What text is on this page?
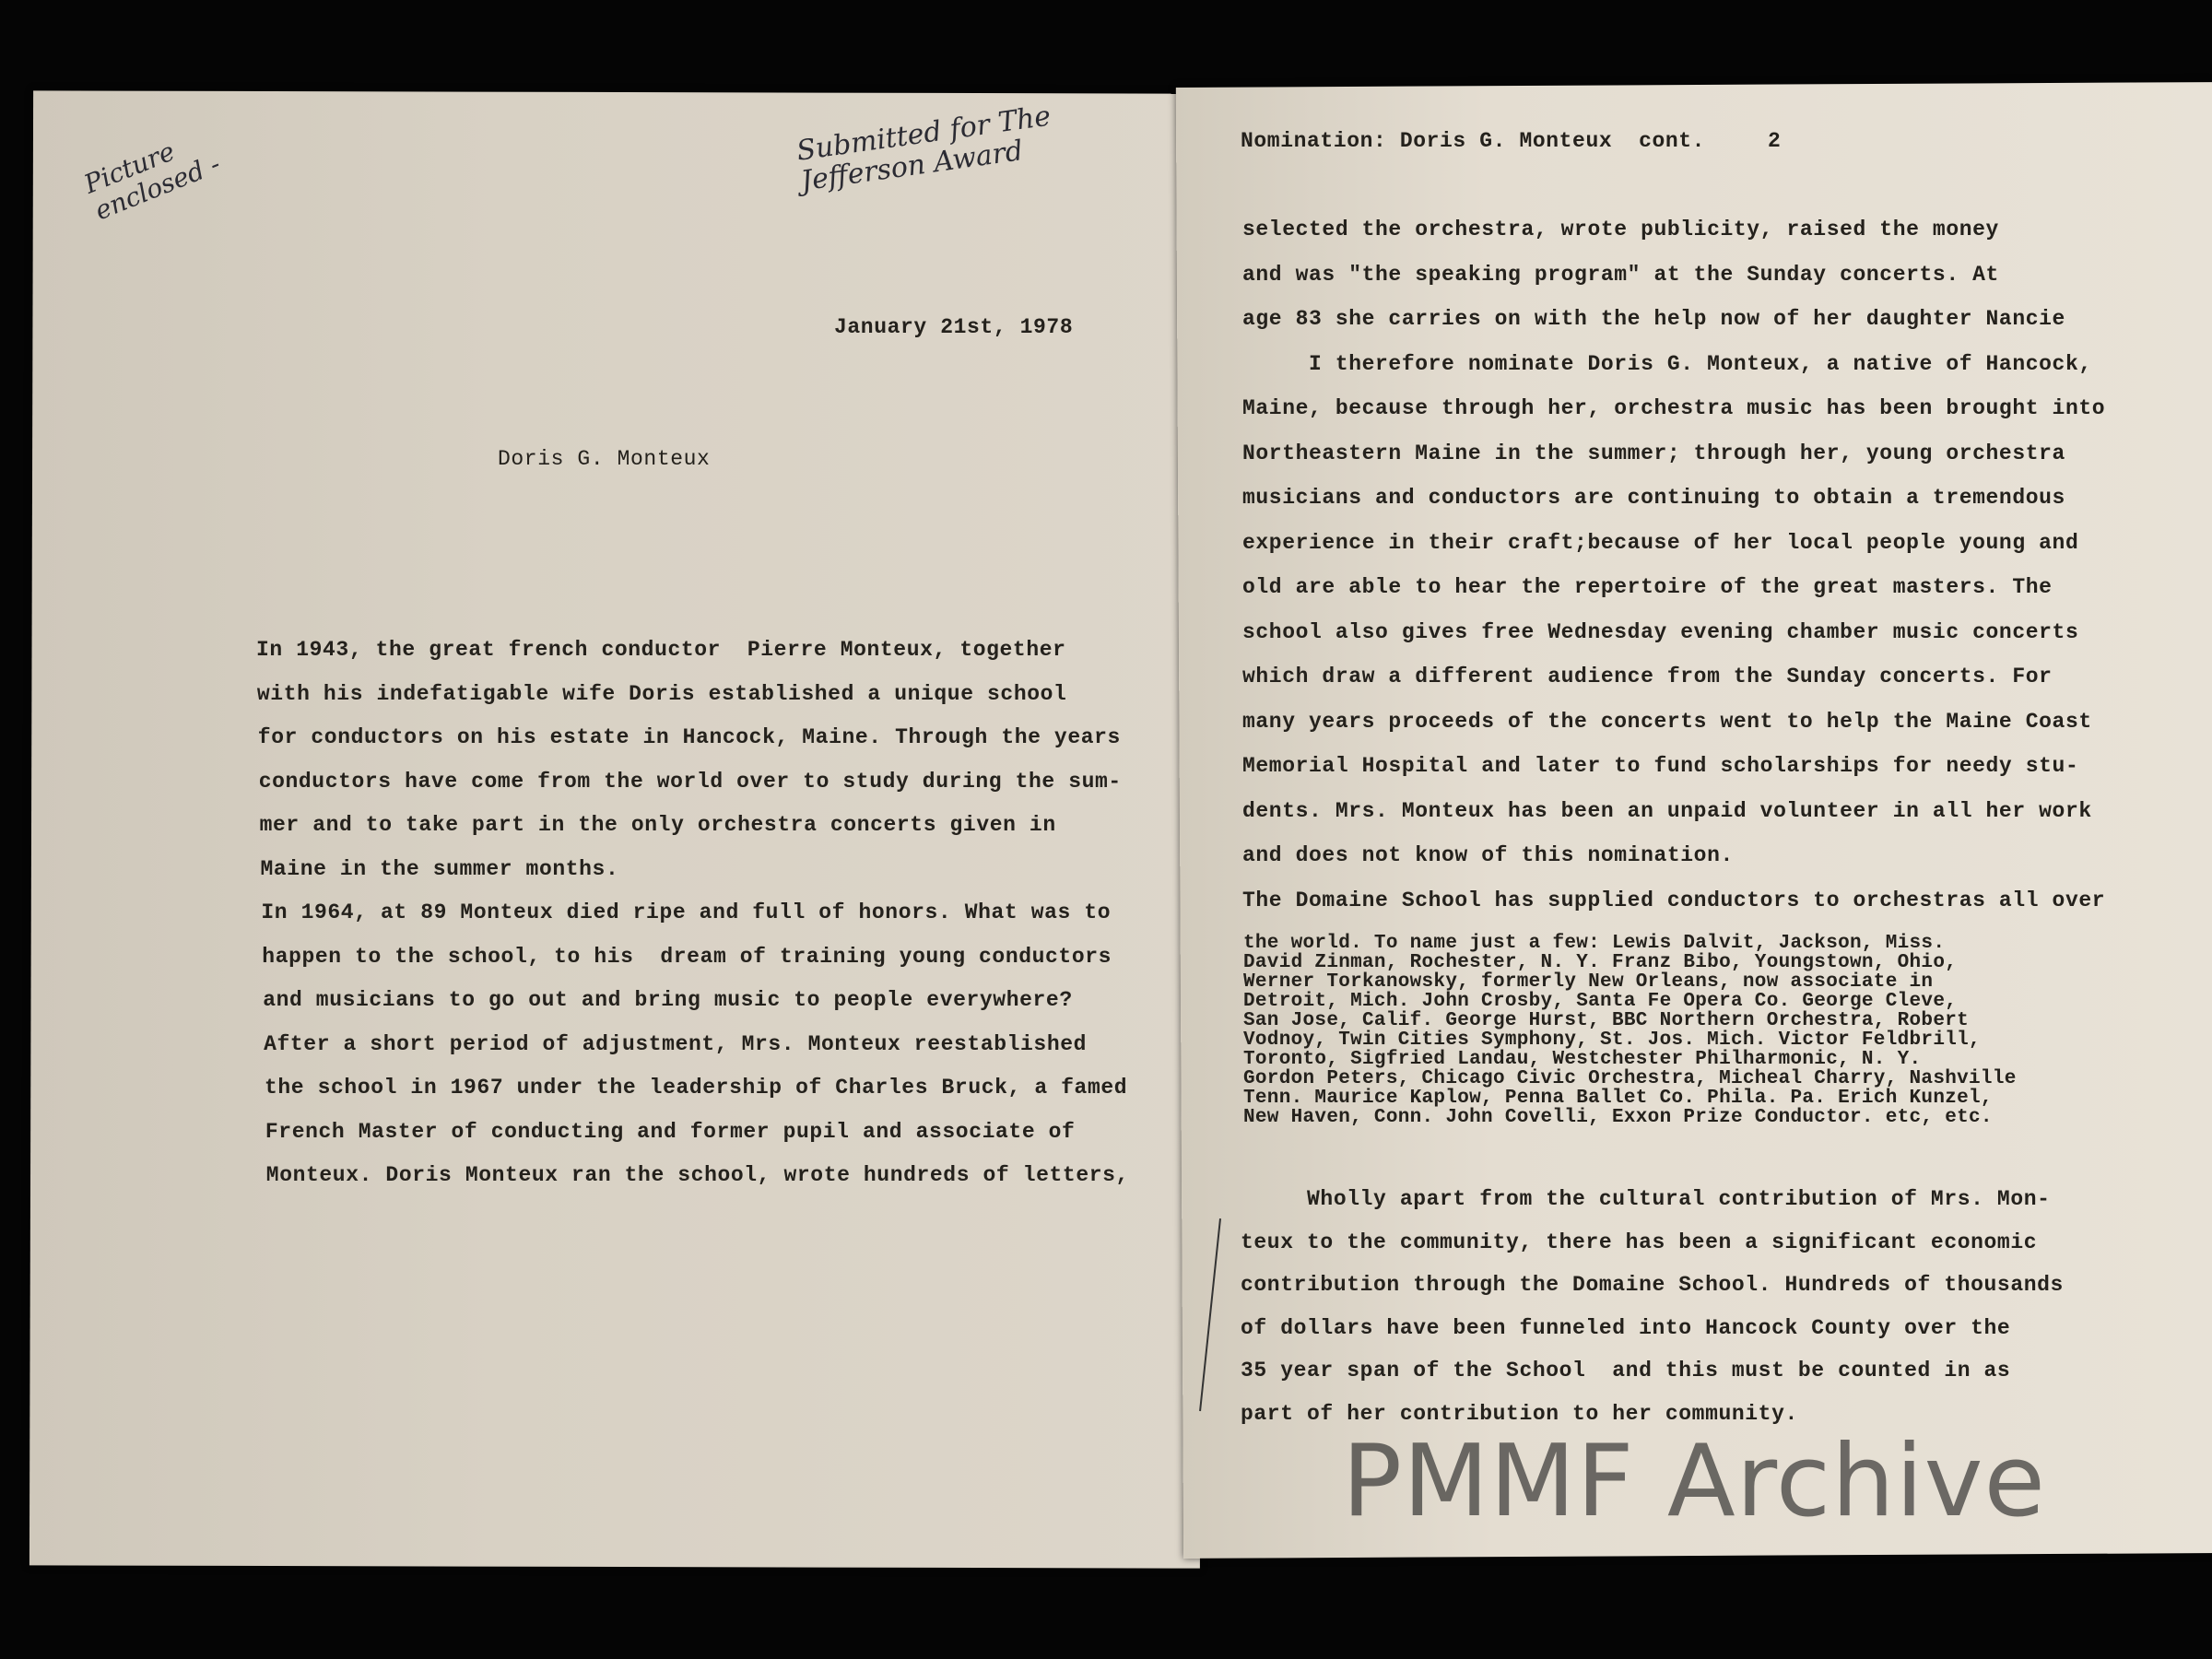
Picture enclosed -
Submitted for The Jefferson Award
January 21st, 1978
Doris G. Monteux
In 1943, the great french conductor  Pierre Monteux, together
with his indefatigable wife Doris established a unique school
for conductors on his estate in Hancock, Maine. Through the years
conductors have come from the world over to study during the sum-
mer and to take part in the only orchestra concerts given in
Maine in the summer months.
In 1964, at 89 Monteux died ripe and full of honors. What was to
happen to the school, to his  dream of training young conductors
and musicians to go out and bring music to people everywhere?
After a short period of adjustment, Mrs. Monteux reestablished
the school in 1967 under the leadership of Charles Bruck, a famed
French Master of conducting and former pupil and associate of
Monteux. Doris Monteux ran the school, wrote hundreds of letters,
Nomination: Doris G. Monteux  cont.	2
selected the orchestra, wrote publicity, raised the money
and was "the speaking program" at the Sunday concerts. At
age 83 she carries on with the help now of her daughter Nancie
I therefore nominate Doris G. Monteux, a native of Hancock,
Maine, because through her, orchestra music has been brought into
Northeastern Maine in the summer; through her, young orchestra
musicians and conductors are continuing to obtain a tremendous
experience in their craft;because of her local people young and
old are able to hear the repertoire of the great masters. The
school also gives free Wednesday evening chamber music concerts
which draw a different audience from the Sunday concerts. For
many years proceeds of the concerts went to help the Maine Coast
Memorial Hospital and later to fund scholarships for needy stu-
dents. Mrs. Monteux has been an unpaid volunteer in all her work
and does not know of this nomination.
The Domaine School has supplied conductors to orchestras all over
the world. To name just a few: Lewis Dalvit, Jackson, Miss.
David Zinman, Rochester, N. Y. Franz Bibo, Youngstown, Ohio,
Werner Torkanowsky, formerly New Orleans, now associate in
Detroit, Mich. John Crosby, Santa Fe Opera Co. George Cleve,
San Jose, Calif. George Hurst, BBC Northern Orchestra, Robert
Vodnoy, Twin Cities Symphony, St. Jos. Mich. Victor Feldbrill,
Toronto, Sigfried Landau, Westchester Philharmonic, N. Y.
Gordon Peters, Chicago Civic Orchestra, Micheal Charry, Nashville
Tenn. Maurice Kaplow, Penna Ballet Co. Phila. Pa. Erich Kunzel,
New Haven, Conn. John Covelli, Exxon Prize Conductor. etc, etc.
Wholly apart from the cultural contribution of Mrs. Mon-
teux to the community, there has been a significant economic
contribution through the Domaine School. Hundreds of thousands
of dollars have been funneled into Hancock County over the
35 year span of the School  and this must be counted in as
part of her contribution to her community.
PMMF Archive
